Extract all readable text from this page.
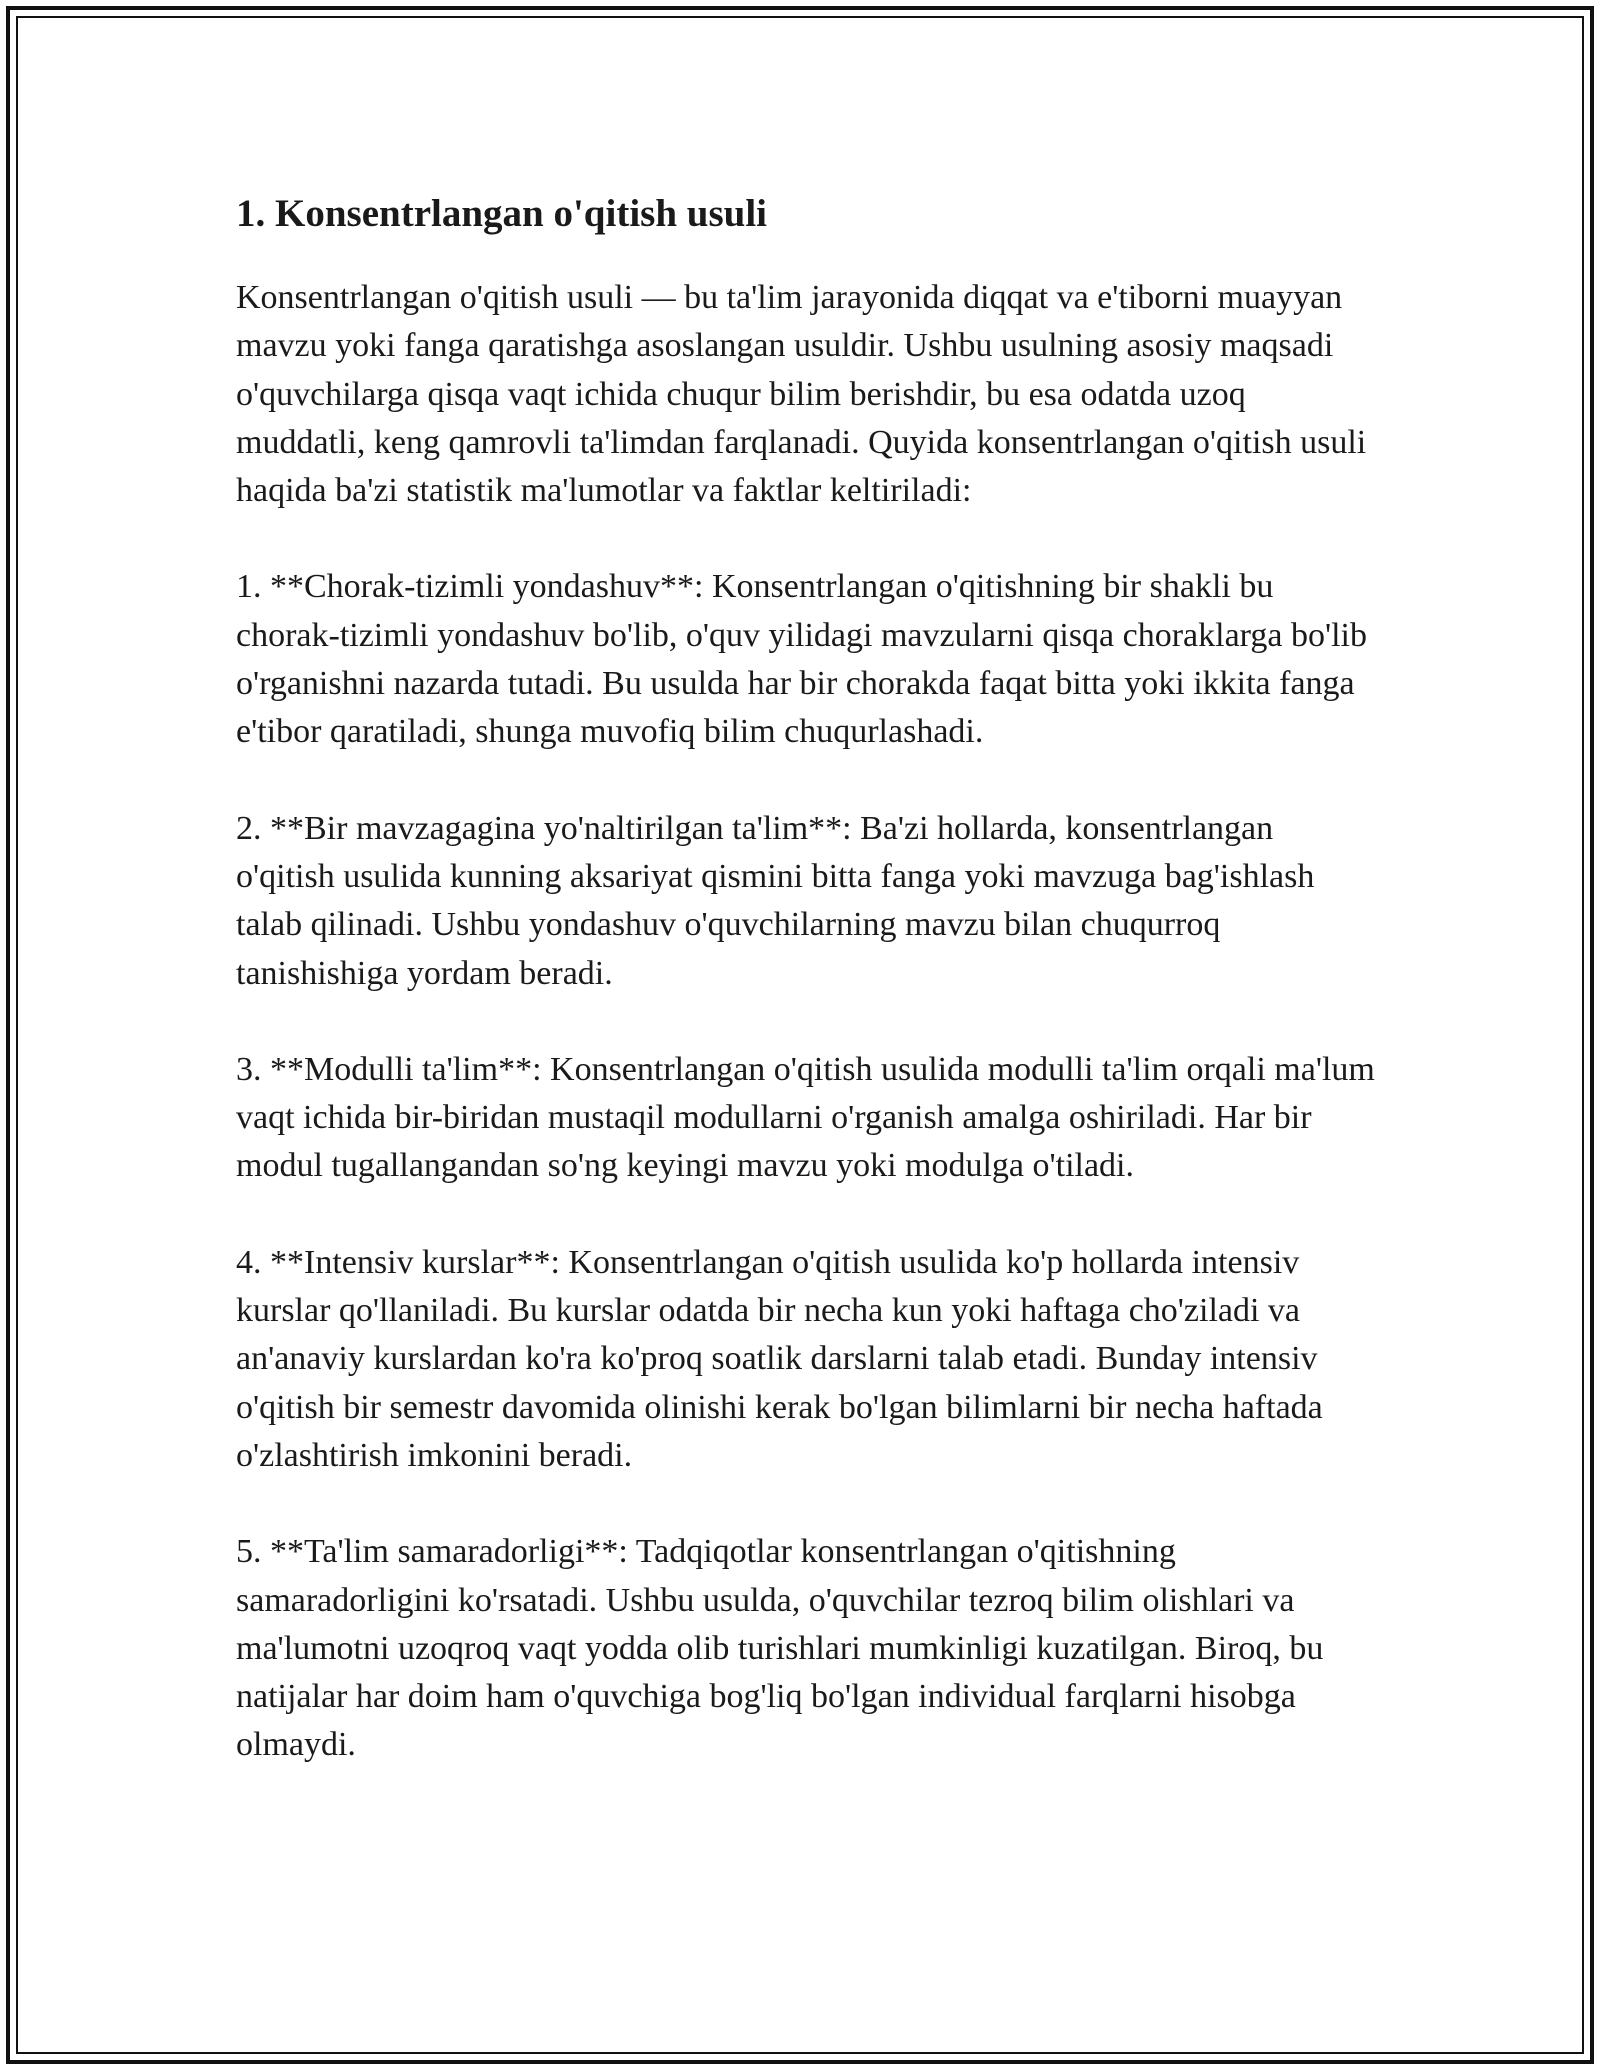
1. Konsentrlangan o'qitish usuli

Konsentrlangan o'qitish usuli — bu ta'lim jarayonida diqqat va e'tiborni muayyan mavzu yoki fanga qaratishga asoslangan usuldir. Ushbu usulning asosiy maqsadi o'quvchilarga qisqa vaqt ichida chuqur bilim berishdir, bu esa odatda uzoq muddatli, keng qamrovli ta'limdan farqlanadi. Quyida konsentrlangan o'qitish usuli haqida ba'zi statistik ma'lumotlar va faktlar keltiriladi:

1. **Chorak-tizimli yondashuv**: Konsentrlangan o'qitishning bir shakli bu chorak-tizimli yondashuv bo'lib, o'quv yilidagi mavzularni qisqa choraklarga bo'lib o'rganishni nazarda tutadi. Bu usulda har bir chorakda faqat bitta yoki ikkita fanga e'tibor qaratiladi, shunga muvofiq bilim chuqurlashadi.

2. **Bir mavzagagina yo'naltirilgan ta'lim**: Ba'zi hollarda, konsentrlangan o'qitish usulida kunning aksariyat qismini bitta fanga yoki mavzuga bag'ishlash talab qilinadi. Ushbu yondashuv o'quvchilarning mavzu bilan chuqurroq tanishishiga yordam beradi.

3. **Modulli ta'lim**: Konsentrlangan o'qitish usulida modulli ta'lim orqali ma'lum vaqt ichida bir-biridan mustaqil modullarni o'rganish amalga oshiriladi. Har bir modul tugallangandan so'ng keyingi mavzu yoki modulga o'tiladi.

4. **Intensiv kurslar**: Konsentrlangan o'qitish usulida ko'p hollarda intensiv kurslar qo'llaniladi. Bu kurslar odatda bir necha kun yoki haftaga cho'ziladi va an'anaviy kurslardan ko'ra ko'proq soatlik darslarni talab etadi. Bunday intensiv o'qitish bir semestr davomida olinishi kerak bo'lgan bilimlarni bir necha haftada o'zlashtirish imkonini beradi.

5. **Ta'lim samaradorligi**: Tadqiqotlar konsentrlangan o'qitishning samaradorligini ko'rsatadi. Ushbu usulda, o'quvchilar tezroq bilim olishlari va ma'lumotni uzoqroq vaqt yodda olib turishlari mumkinligi kuzatilgan. Biroq, bu natijalar har doim ham o'quvchiga bog'liq bo'lgan individual farqlarni hisobga olmaydi.
